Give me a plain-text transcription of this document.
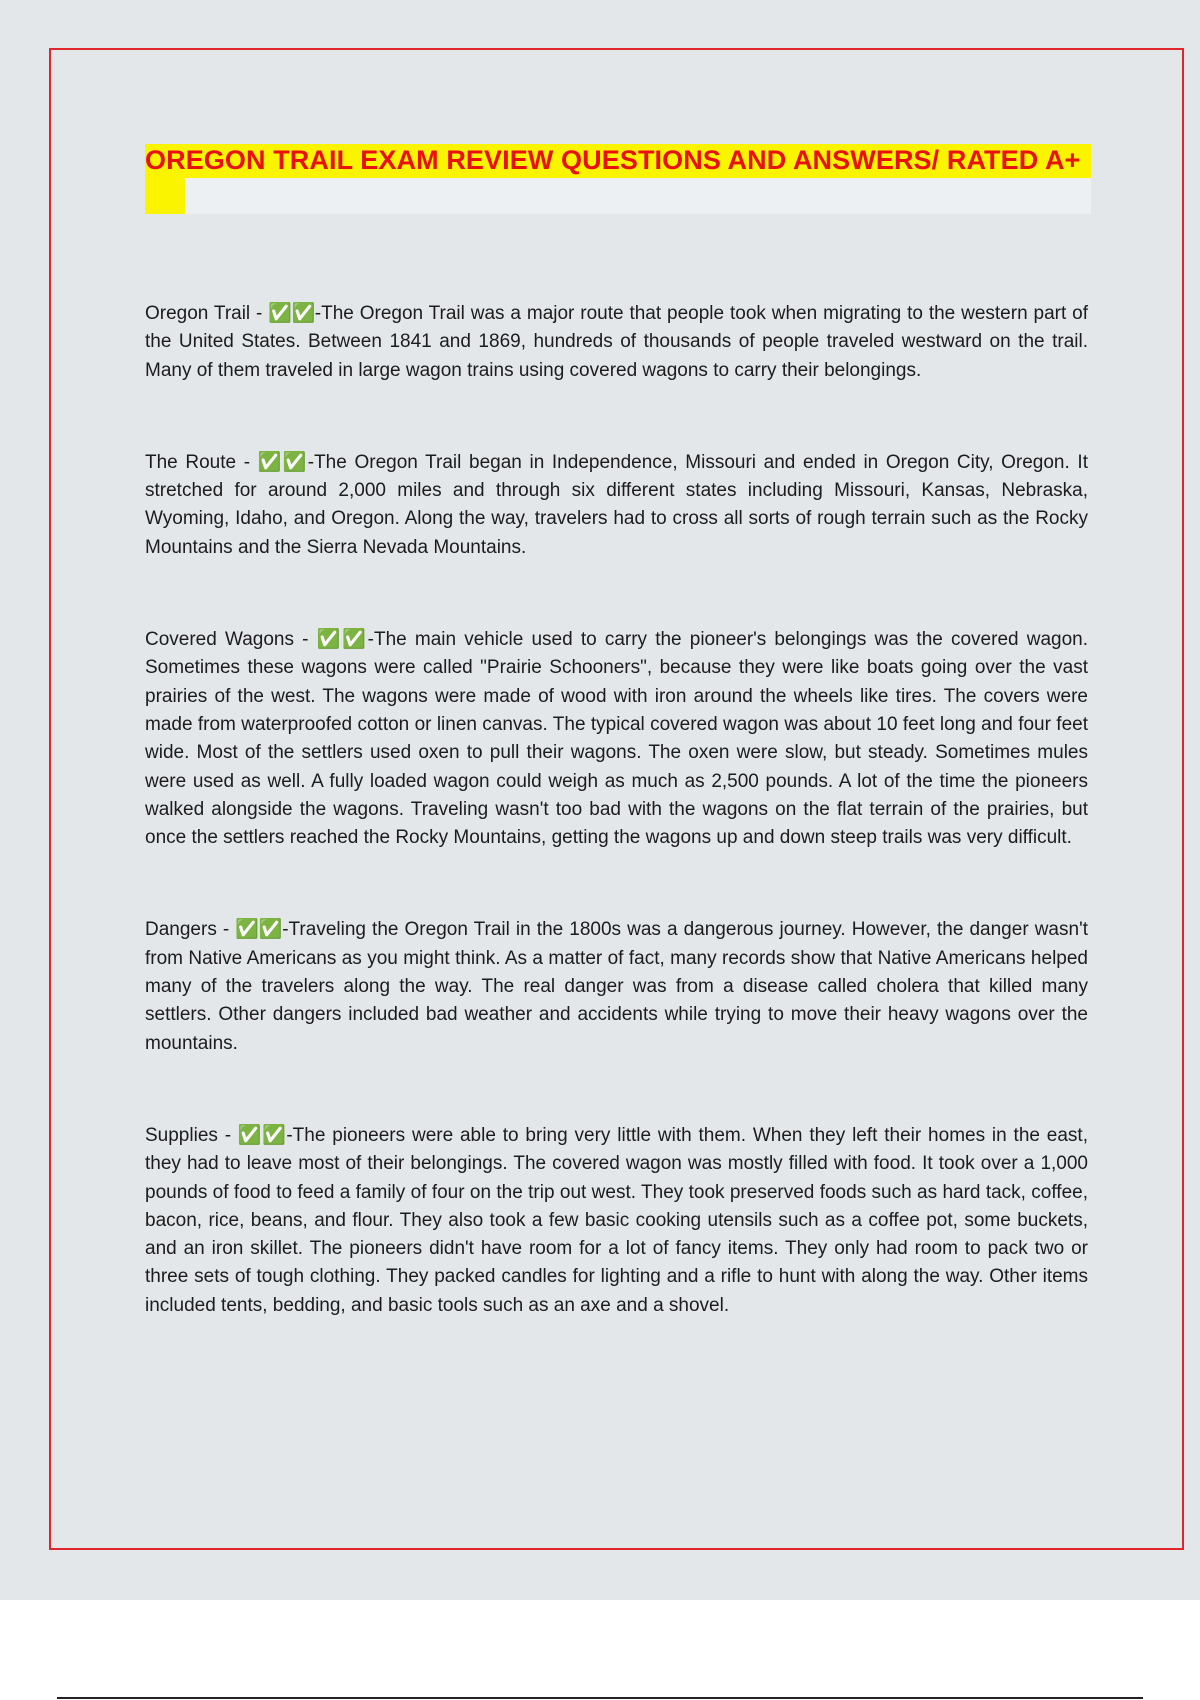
OREGON TRAIL EXAM REVIEW QUESTIONS AND ANSWERS/ RATED A+

Oregon Trail - ✅✅-The Oregon Trail was a major route that people took when migrating to the western part of the United States. Between 1841 and 1869, hundreds of thousands of people traveled westward on the trail. Many of them traveled in large wagon trains using covered wagons to carry their belongings.

The Route - ✅✅-The Oregon Trail began in Independence, Missouri and ended in Oregon City, Oregon. It stretched for around 2,000 miles and through six different states including Missouri, Kansas, Nebraska, Wyoming, Idaho, and Oregon. Along the way, travelers had to cross all sorts of rough terrain such as the Rocky Mountains and the Sierra Nevada Mountains.

Covered Wagons - ✅✅-The main vehicle used to carry the pioneer's belongings was the covered wagon. Sometimes these wagons were called "Prairie Schooners", because they were like boats going over the vast prairies of the west. The wagons were made of wood with iron around the wheels like tires. The covers were made from waterproofed cotton or linen canvas. The typical covered wagon was about 10 feet long and four feet wide. Most of the settlers used oxen to pull their wagons. The oxen were slow, but steady. Sometimes mules were used as well. A fully loaded wagon could weigh as much as 2,500 pounds. A lot of the time the pioneers walked alongside the wagons. Traveling wasn't too bad with the wagons on the flat terrain of the prairies, but once the settlers reached the Rocky Mountains, getting the wagons up and down steep trails was very difficult.

Dangers - ✅✅-Traveling the Oregon Trail in the 1800s was a dangerous journey. However, the danger wasn't from Native Americans as you might think. As a matter of fact, many records show that Native Americans helped many of the travelers along the way. The real danger was from a disease called cholera that killed many settlers. Other dangers included bad weather and accidents while trying to move their heavy wagons over the mountains.

Supplies - ✅✅-The pioneers were able to bring very little with them. When they left their homes in the east, they had to leave most of their belongings. The covered wagon was mostly filled with food. It took over a 1,000 pounds of food to feed a family of four on the trip out west. They took preserved foods such as hard tack, coffee, bacon, rice, beans, and flour. They also took a few basic cooking utensils such as a coffee pot, some buckets, and an iron skillet. The pioneers didn't have room for a lot of fancy items. They only had room to pack two or three sets of tough clothing. They packed candles for lighting and a rifle to hunt with along the way. Other items included tents, bedding, and basic tools such as an axe and a shovel.
